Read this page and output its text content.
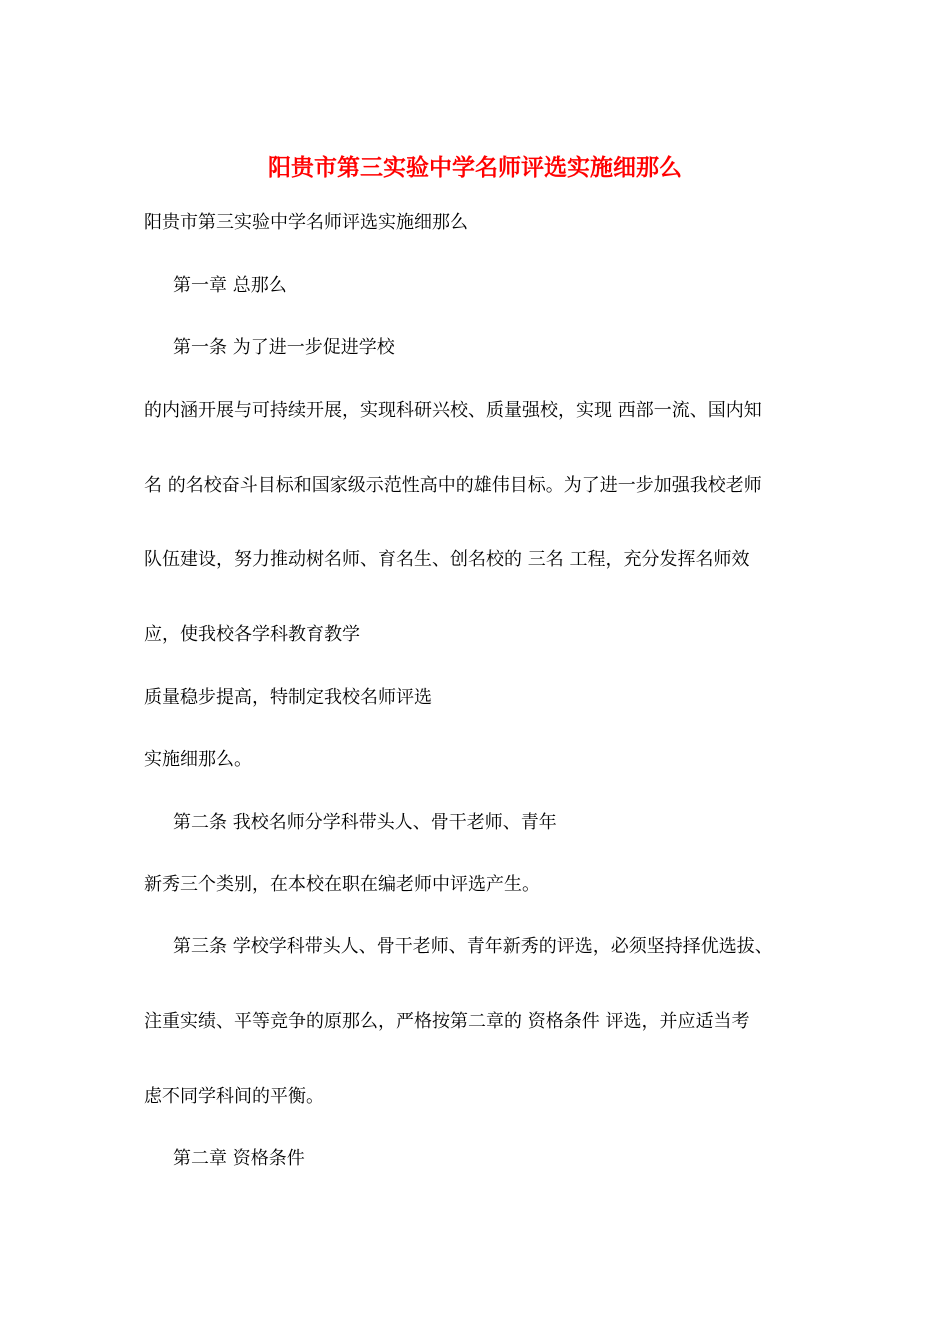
阳贵市第三实验中学名师评选实施细那么
阳贵市第三实验中学名师评选实施细那么
第一章 总那么
第一条 为了进一步促进学校
的内涵开展与可持续开展，实现科研兴校、质量强校，实现 西部一流、国内知
名 的名校奋斗目标和国家级示范性高中的雄伟目标。为了进一步加强我校老师
队伍建设，努力推动树名师、育名生、创名校的 三名 工程，充分发挥名师效
应，使我校各学科教育教学
质量稳步提高，特制定我校名师评选
实施细那么。
第二条 我校名师分学科带头人、骨干老师、青年
新秀三个类别，在本校在职在编老师中评选产生。
第三条 学校学科带头人、骨干老师、青年新秀的评选，必须坚持择优选拔、
注重实绩、平等竞争的原那么，严格按第二章的 资格条件 评选，并应适当考
虑不同学科间的平衡。
第二章 资格条件
